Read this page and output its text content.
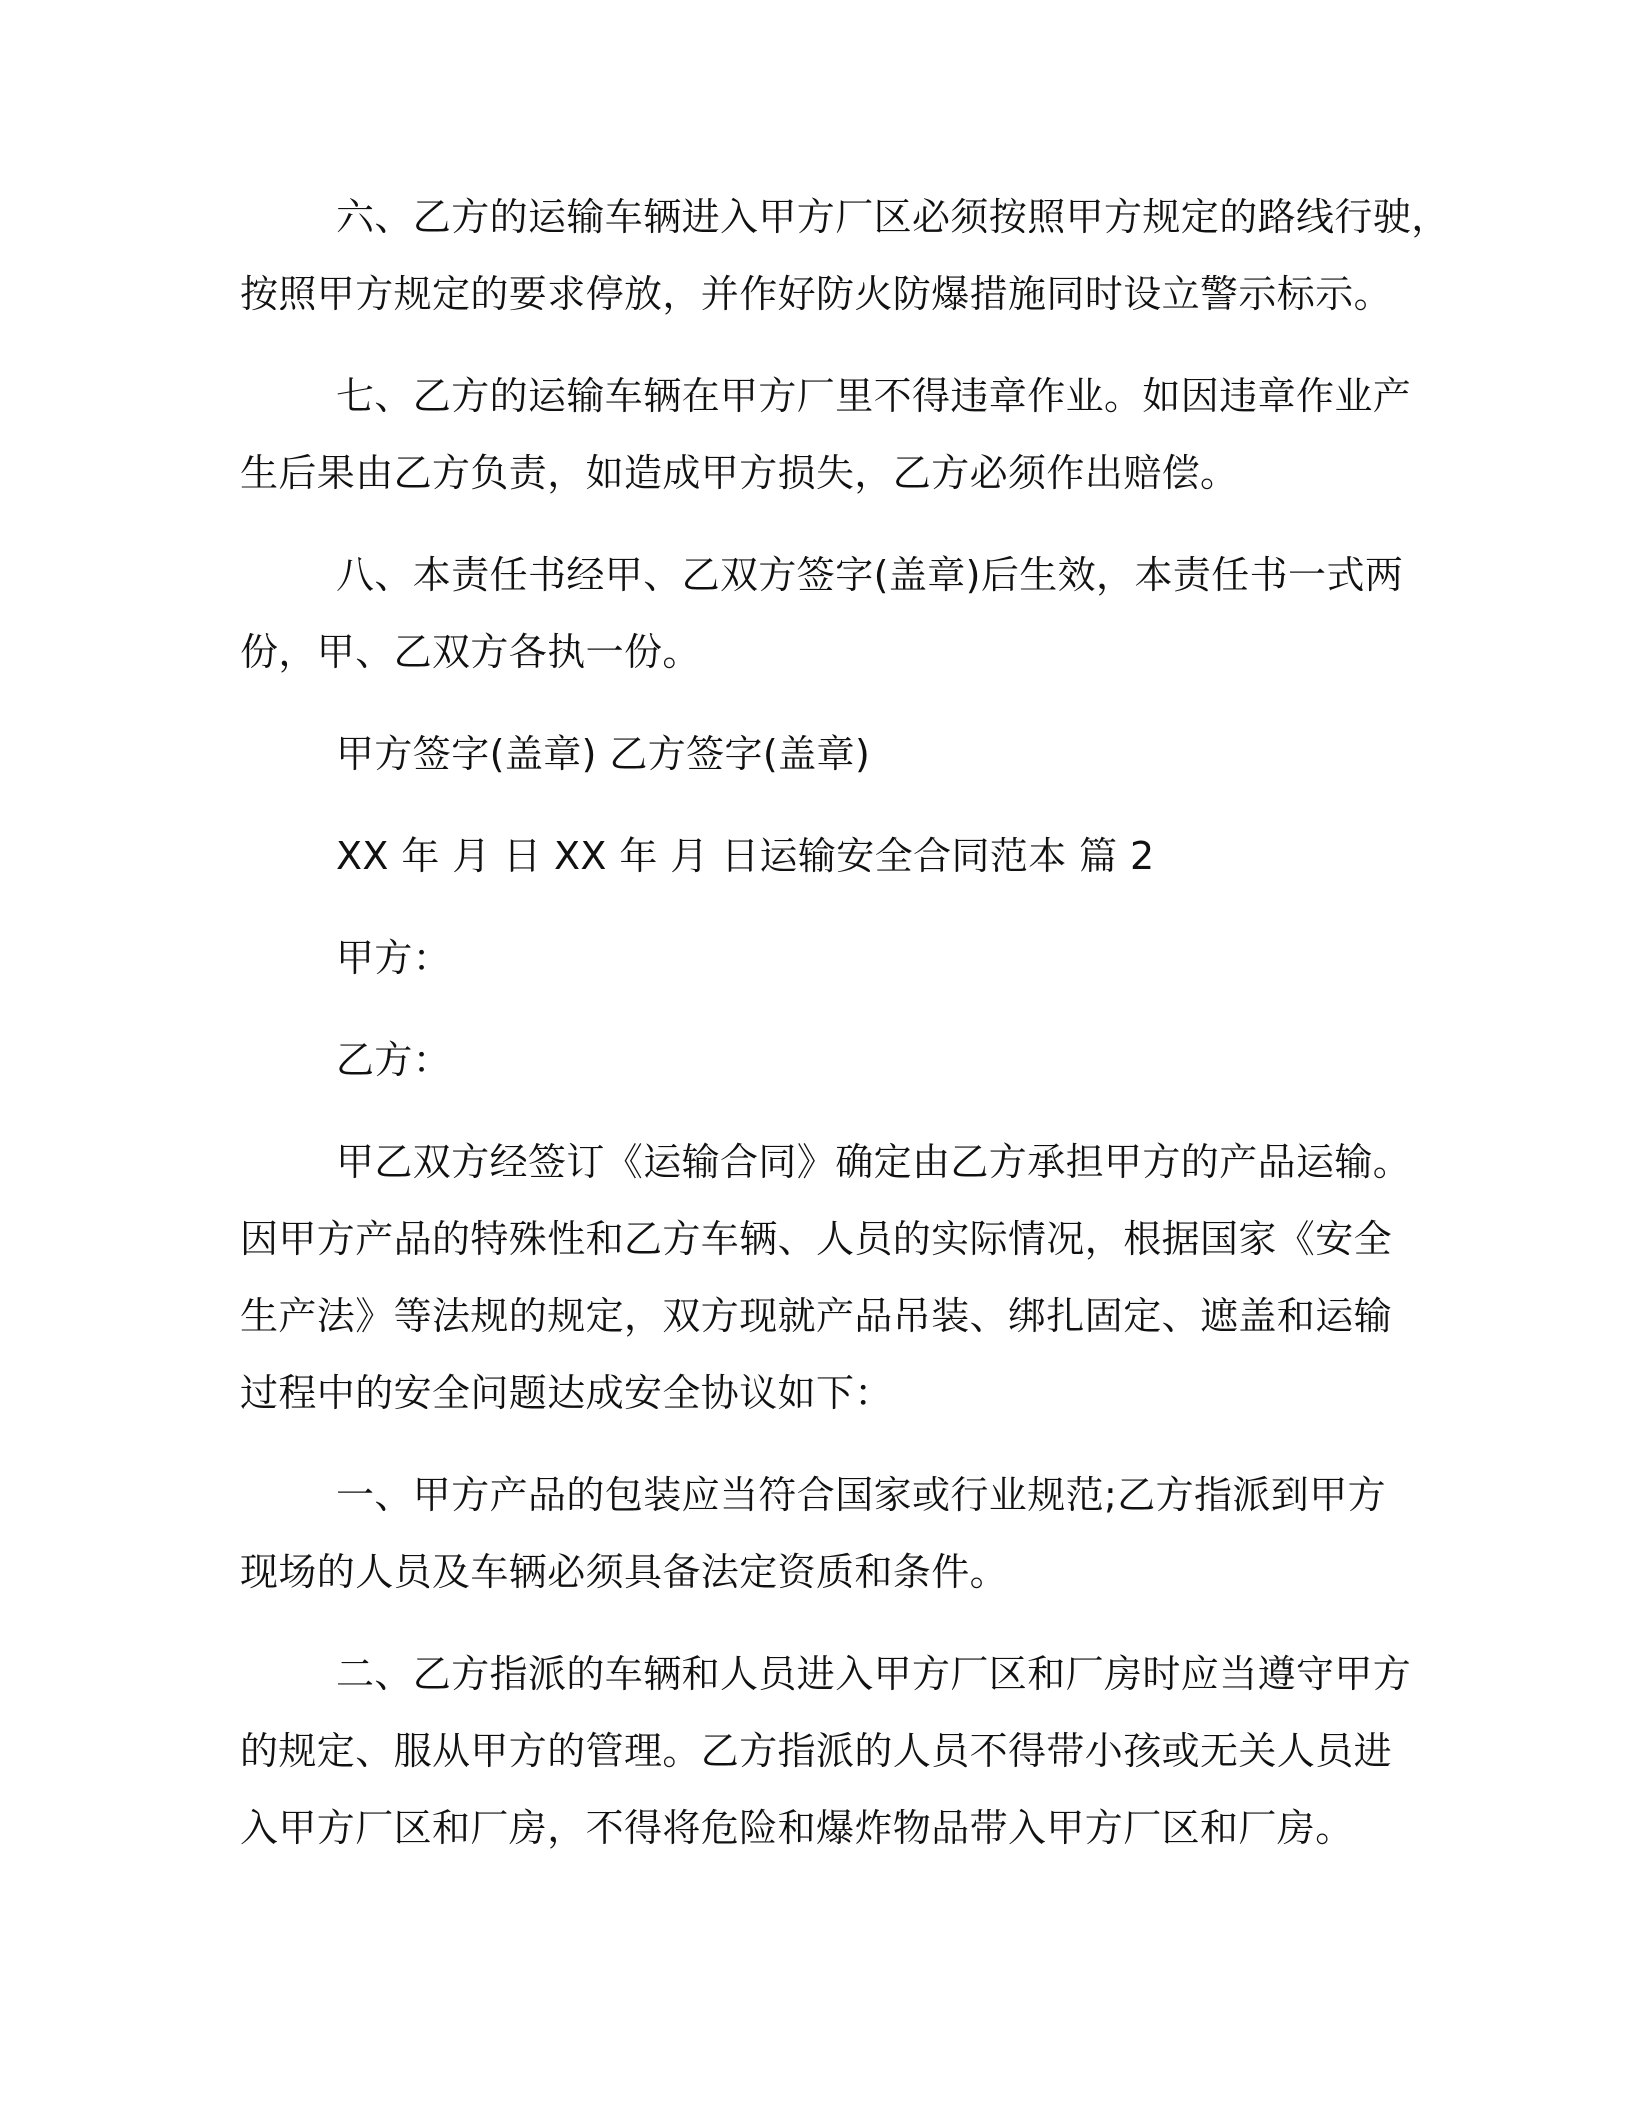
六、乙方的运输车辆进入甲方厂区必须按照甲方规定的路线行驶，
按照甲方规定的要求停放，并作好防火防爆措施同时设立警示标示。
七、乙方的运输车辆在甲方厂里不得违章作业。如因违章作业产
生后果由乙方负责，如造成甲方损失，乙方必须作出赔偿。
八、本责任书经甲、乙双方签字(盖章)后生效，本责任书一式两
份，甲、乙双方各执一份。
甲方签字(盖章) 乙方签字(盖章)
XX 年 月 日 XX 年 月 日运输安全合同范本 篇 2
甲方：
乙方：
甲乙双方经签订《运输合同》确定由乙方承担甲方的产品运输。
因甲方产品的特殊性和乙方车辆、人员的实际情况，根据国家《安全
生产法》等法规的规定，双方现就产品吊装、绑扎固定、遮盖和运输
过程中的安全问题达成安全协议如下：
一、甲方产品的包装应当符合国家或行业规范;乙方指派到甲方
现场的人员及车辆必须具备法定资质和条件。
二、乙方指派的车辆和人员进入甲方厂区和厂房时应当遵守甲方
的规定、服从甲方的管理。乙方指派的人员不得带小孩或无关人员进
入甲方厂区和厂房，不得将危险和爆炸物品带入甲方厂区和厂房。
